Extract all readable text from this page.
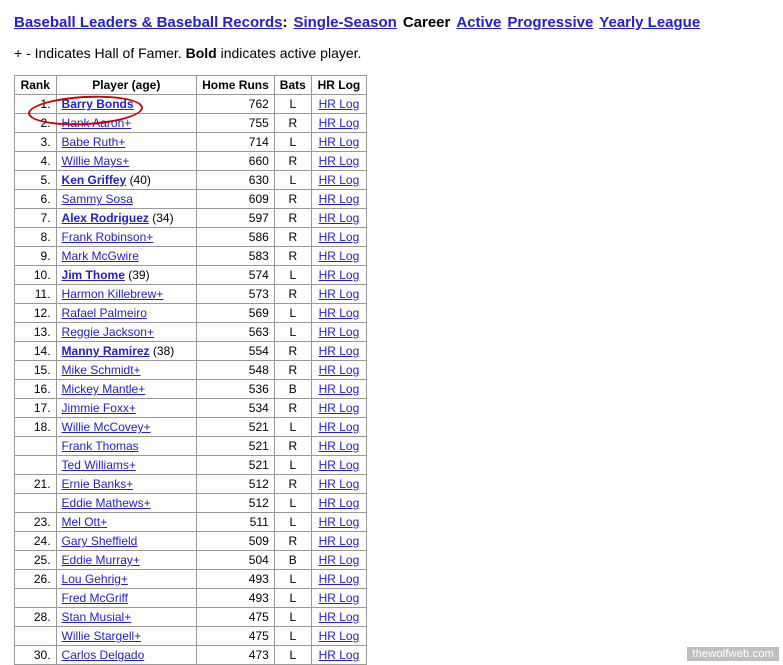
Baseball Leaders & Baseball Records: Single-Season Career Active Progressive Yearly League
+ - Indicates Hall of Famer. Bold indicates active player.
Rank	Player (age)	Home Runs	Bats	HR Log
1.	Barry Bonds	762	L	HR Log
2.	Hank Aaron+	755	R	HR Log
3.	Babe Ruth+	714	L	HR Log
4.	Willie Mays+	660	R	HR Log
5.	Ken Griffey (40)	630	L	HR Log
6.	Sammy Sosa	609	R	HR Log
7.	Alex Rodriguez (34)	597	R	HR Log
8.	Frank Robinson+	586	R	HR Log
9.	Mark McGwire	583	R	HR Log
10.	Jim Thome (39)	574	L	HR Log
11.	Harmon Killebrew+	573	R	HR Log
12.	Rafael Palmeiro	569	L	HR Log
13.	Reggie Jackson+	563	L	HR Log
14.	Manny Ramirez (38)	554	R	HR Log
15.	Mike Schmidt+	548	R	HR Log
16.	Mickey Mantle+	536	B	HR Log
17.	Jimmie Foxx+	534	R	HR Log
18.	Willie McCovey+	521	L	HR Log
	Frank Thomas	521	R	HR Log
	Ted Williams+	521	L	HR Log
21.	Ernie Banks+	512	R	HR Log
	Eddie Mathews+	512	L	HR Log
23.	Mel Ott+	511	L	HR Log
24.	Gary Sheffield	509	R	HR Log
25.	Eddie Murray+	504	B	HR Log
26.	Lou Gehrig+	493	L	HR Log
	Fred McGriff	493	L	HR Log
28.	Stan Musial+	475	L	HR Log
	Willie Stargell+	475	L	HR Log
30.	Carlos Delgado	473	L	HR Log	thewolfweb.com
